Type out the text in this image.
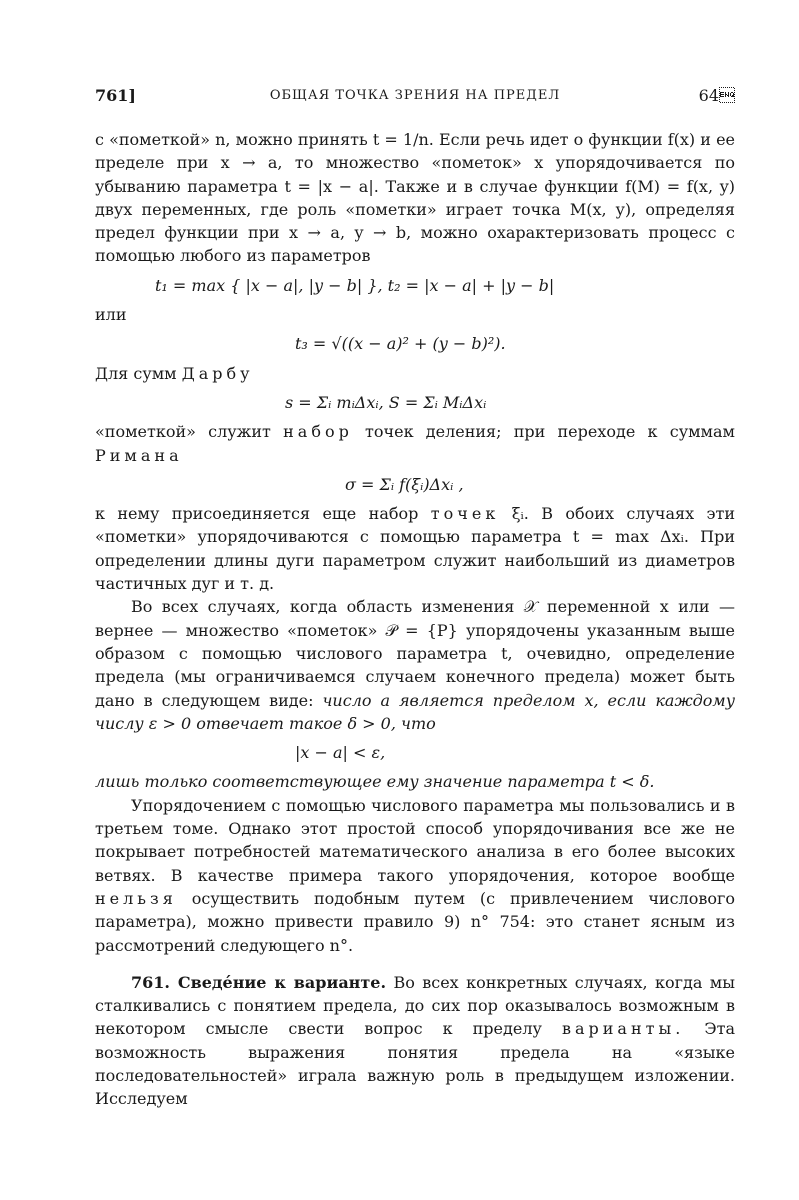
761]	ОБЩАЯ ТОЧКА ЗРЕНИЯ НА ПРЕДЕЛ	64

с «пометкой» n, можно принять t = 1/n. Если речь идет о функции f(x) и ее пределе при x → a, то множество «пометок» x упорядочивается по убыванию параметра t = |x − a|. Также и в случае функции f(M) = f(x, y) двух переменных, где роль «пометки» играет точка M(x, y), определяя предел функции при x → a, y → b, можно охарактеризовать процесс с помощью любого из параметров

t₁ = max { |x − a|, |y − b| }, t₂ = |x − a| + |y − b|

или

t₃ = √((x − a)² + (y − b)²).

Для сумм Дарбу

s = Σᵢ mᵢΔxᵢ, S = Σᵢ MᵢΔxᵢ

«пометкой» служит набор точек деления; при переходе к суммам Римана

σ = Σᵢ f(ξᵢ)Δxᵢ ,

к нему присоединяется еще набор точек ξᵢ. В обоих случаях эти «пометки» упорядочиваются с помощью параметра t = max Δxᵢ. При определении длины дуги параметром служит наибольший из диаметров частичных дуг и т. д.

Во всех случаях, когда область изменения 𝒳 переменной x или — вернее — множество «пометок» 𝒫 = {P} упорядочены указанным выше образом с помощью числового параметра t, очевидно, определение предела (мы ограничиваемся случаем конечного предела) может быть дано в следующем виде: число a является пределом x, если каждому числу ε > 0 отвечает такое δ > 0, что

|x − a| < ε,

лишь только соответствующее ему значение параметра t < δ.

Упорядочением с помощью числового параметра мы пользовались и в третьем томе. Однако этот простой способ упорядочивания все же не покрывает потребностей математического анализа в его более высоких ветвях. В качестве примера такого упорядочения, которое вообще нельзя осуществить подобным путем (с привлечением числового параметра), можно привести правило 9) n° 754: это станет ясным из рассмотрений следующего n°.

761. Сведе́ние к варианте. Во всех конкретных случаях, когда мы сталкивались с понятием предела, до сих пор оказывалось возможным в некотором смысле свести вопрос к пределу варианты. Эта возможность выражения понятия предела на «языке последовательностей» играла важную роль в предыдущем изложении. Исследуем
